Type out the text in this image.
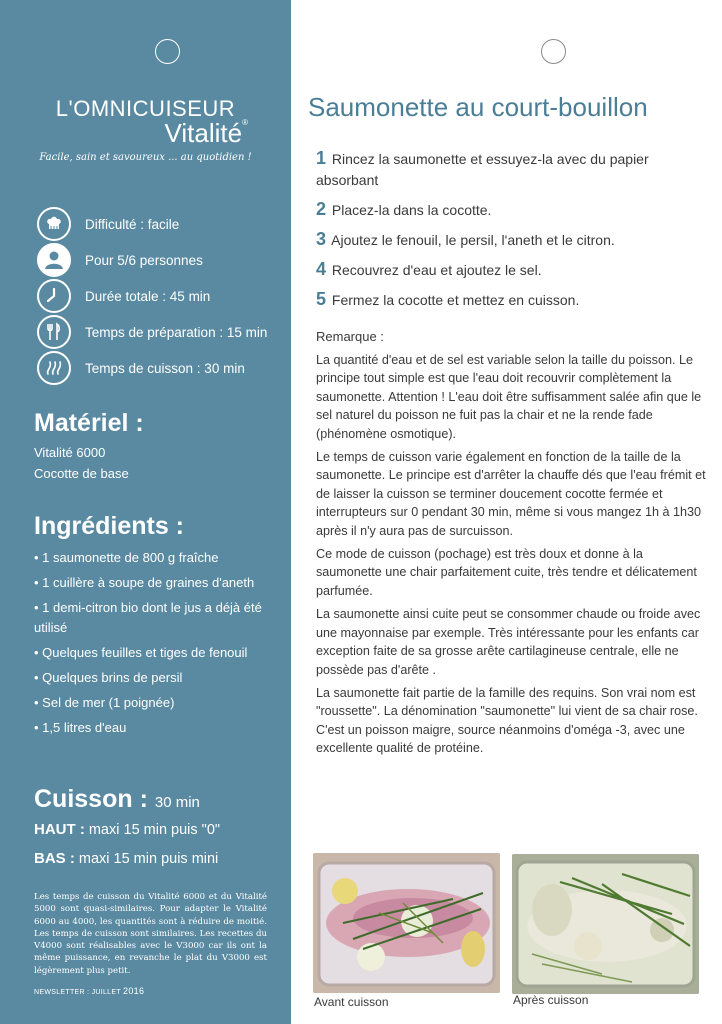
L'OMNICUISEUR
Vitalité®
Facile, sain et savoureux ... au quotidien !
Difficulté : facile
Pour 5/6 personnes
Durée totale : 45 min
Temps de préparation : 15 min
Temps de cuisson : 30 min
Matériel :
Vitalité 6000
Cocotte de base
Ingrédients :
• 1 saumonette de 800 g fraîche
• 1 cuillère à soupe de graines d'aneth
• 1 demi-citron bio dont le jus a déjà été utilisé
• Quelques feuilles et tiges de fenouil
• Quelques brins de persil
• Sel de mer (1 poignée)
• 1,5 litres d'eau
Cuisson : 30 min
HAUT : maxi 15 min puis "0"
BAS : maxi 15 min puis mini
Les temps de cuisson du Vitalité 6000 et du Vitalité 5000 sont quasi-similaires. Pour adapter le Vitalité 6000 au 4000, les quantités sont à réduire de moitié. Les temps de cuisson sont similaires. Les recettes du V4000 sont réalisables avec le V3000 car ils ont la même puissance, en revanche le plat du V3000 est légèrement plus petit.
NEWSLETTER : JUILLET 2016
Saumonette au court-bouillon
1 Rincez la saumonette et essuyez-la avec du papier absorbant
2 Placez-la dans la cocotte.
3 Ajoutez le fenouil, le persil, l'aneth et le citron.
4 Recouvrez d'eau et ajoutez le sel.
5 Fermez la cocotte et mettez en cuisson.
Remarque :

La quantité d'eau et de sel est variable selon la taille du poisson. Le principe tout simple est que l'eau doit recouvrir complètement la saumonette. Attention ! L'eau doit être suffisamment salée afin que le sel naturel du poisson ne fuit pas la chair et ne la rende fade (phénomène osmotique).

Le temps de cuisson varie également en fonction de la taille de la saumonette. Le principe est d'arrêter la chauffe dés que l'eau frémit et de laisser la cuisson se terminer doucement cocotte fermée et interrupteurs sur 0 pendant 30 min, même si vous mangez 1h à 1h30 après il n'y aura pas de surcuisson.

Ce mode de cuisson (pochage) est très doux et donne à la saumonette une chair parfaitement cuite, très tendre et délicatement parfumée.

La saumonette ainsi cuite peut se consommer chaude ou froide avec une mayonnaise par exemple. Très intéressante pour les enfants car exception faite de sa grosse arête cartilagineuse centrale, elle ne possède pas d'arête .

La saumonette fait partie de la famille des requins. Son vrai nom est "roussette". La dénomination "saumonette" lui vient de sa chair rose. C'est un poisson maigre, source néanmoins d'oméga -3, avec une excellente qualité de protéine.

Avant cuisson	Après cuisson
